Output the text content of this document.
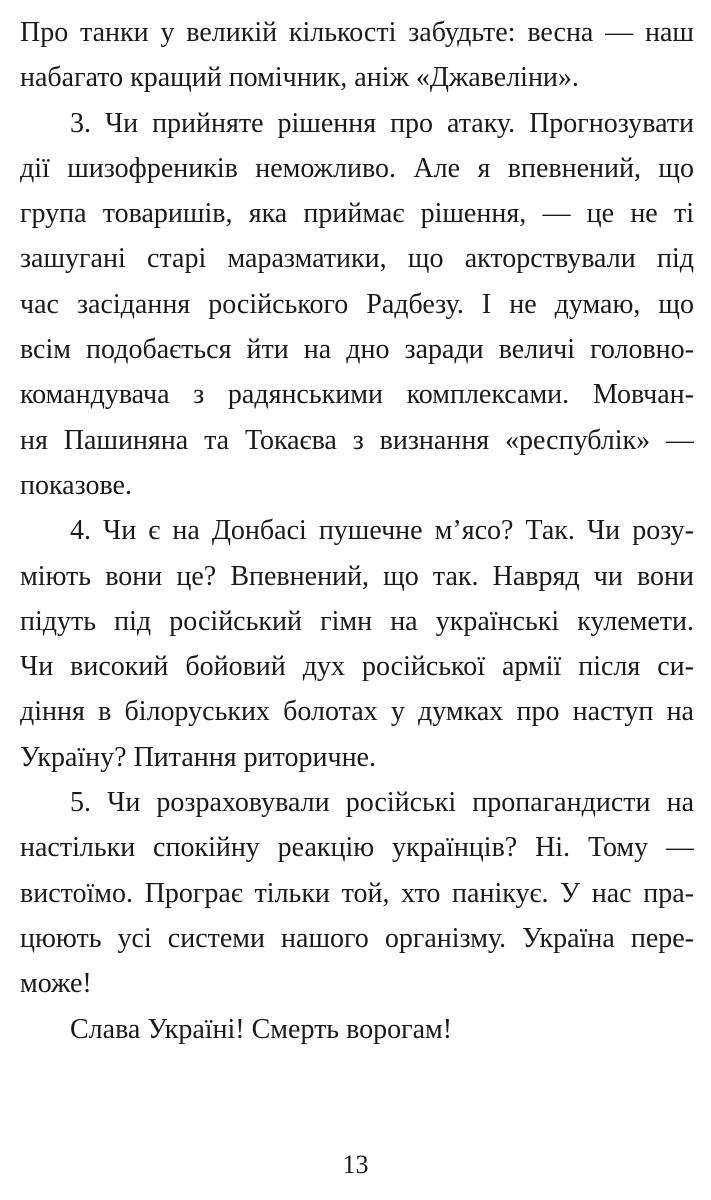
Про танки у великій кількості забудьте: весна — наш
набагато кращий помічник, аніж «Джавеліни».
3. Чи прийняте рішення про атаку. Прогнозувати
дії шизофреників неможливо. Але я впевнений, що
група товаришів, яка приймає рішення, — це не ті
зашугані старі маразматики, що акторствували під
час засідання російського Радбезу. І не думаю, що
всім подобається йти на дно заради величі головно-
командувача з радянськими комплексами. Мовчан-
ня Пашиняна та Токаєва з визнання «республік» —
показове.
4. Чи є на Донбасі пушечне м’ясо? Так. Чи розу-
міють вони це? Впевнений, що так. Навряд чи вони
підуть під російський гімн на українські кулемети.
Чи високий бойовий дух російської армії після си-
діння в білоруських болотах у думках про наступ на
Україну? Питання риторичне.
5. Чи розраховували російські пропагандисти на
настільки спокійну реакцію українців? Ні. Тому —
вистоїмо. Програє тільки той, хто панікує. У нас пра-
цюють усі системи нашого організму. Україна пере-
може!
Слава Україні! Смерть ворогам!
13
